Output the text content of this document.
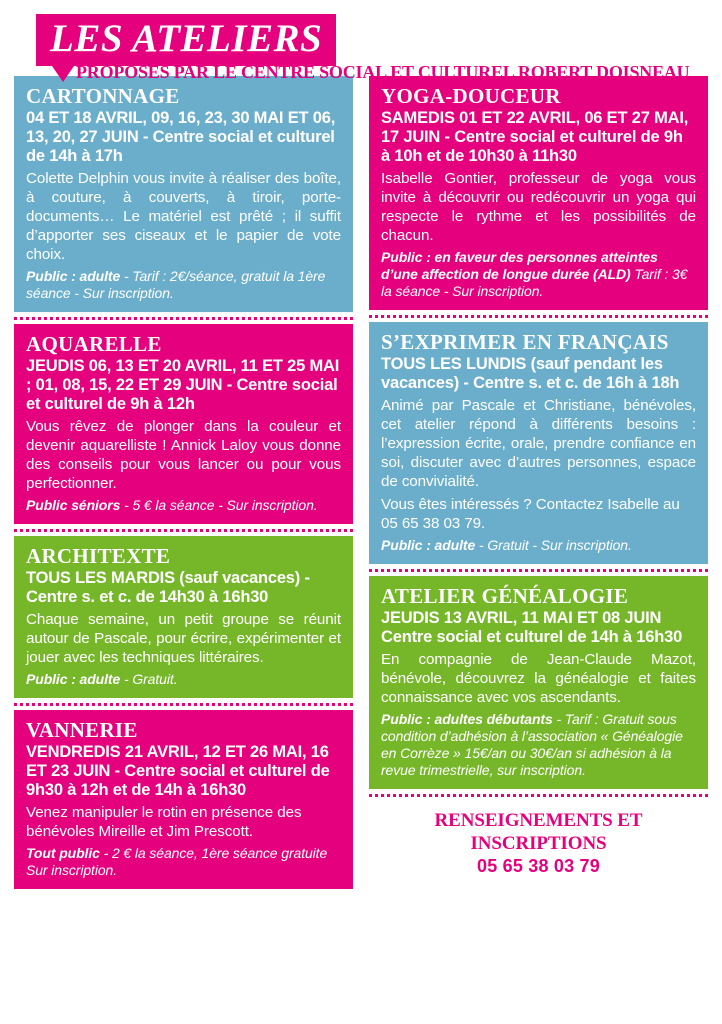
LES ATELIERS
PROPOSÉS PAR LE CENTRE SOCIAL ET CULTUREL ROBERT DOISNEAU
CARTONNAGE
04 ET 18 AVRIL, 09, 16, 23, 30 MAI ET 06, 13, 20, 27 JUIN - Centre social et culturel de 14h à 17h
Colette Delphin vous invite à réaliser des boîte, à couture, à couverts, à tiroir, porte-documents… Le matériel est prêté ; il suffit d’apporter ses ciseaux et le papier de vote choix.
Public : adulte - Tarif : 2€/séance, gratuit la 1ère séance - Sur inscription.
AQUARELLE
JEUDIS 06, 13 ET 20 AVRIL, 11 ET 25 MAI ; 01, 08, 15, 22 ET 29 JUIN - Centre social et culturel de 9h à 12h
Vous rêvez de plonger dans la couleur et devenir aquarelliste ! Annick Laloy vous donne des conseils pour vous lancer ou pour vous perfectionner.
Public séniors - 5 € la séance - Sur inscription.
ARCHITEXTE
TOUS LES MARDIS (sauf vacances) - Centre s. et c. de 14h30 à 16h30
Chaque semaine, un petit groupe se réunit autour de Pascale, pour écrire, expérimenter et jouer avec les techniques littéraires.
Public : adulte - Gratuit.
VANNERIE
VENDREDIS 21 AVRIL, 12 ET 26 MAI, 16 ET 23 JUIN - Centre social et culturel de 9h30 à 12h et de 14h à 16h30
Venez manipuler le rotin en présence des bénévoles Mireille et Jim Prescott.
Tout public - 2 € la séance, 1ère séance gratuite Sur inscription.
YOGA-DOUCEUR
SAMEDIS 01 ET 22 AVRIL, 06 ET 27 MAI, 17 JUIN - Centre social et culturel de 9h à 10h et de 10h30 à 11h30
Isabelle Gontier, professeur de yoga vous invite à découvrir ou redécouvrir un yoga qui respecte le rythme et les possibilités de chacun.
Public : en faveur des personnes atteintes d’une affection de longue durée (ALD) Tarif : 3€ la séance - Sur inscription.
S’EXPRIMER EN FRANÇAIS
TOUS LES LUNDIS (sauf pendant les vacances) - Centre s. et c. de 16h à 18h
Animé par Pascale et Christiane, bénévoles, cet atelier répond à différents besoins : l’expression écrite, orale, prendre confiance en soi, discuter avec d’autres personnes, espace de convivialité.
Vous êtes intéressés ? Contactez Isabelle au 05 65 38 03 79.
Public : adulte - Gratuit - Sur inscription.
ATELIER GÉNÉALOGIE
JEUDIS 13 AVRIL, 11 MAI ET 08 JUIN Centre social et culturel de 14h à 16h30
En compagnie de Jean-Claude Mazot, bénévole, découvrez la généalogie et faites connaissance avec vos ascendants.
Public : adultes débutants - Tarif : Gratuit sous condition d’adhésion à l’association « Généalogie en Corrèze » 15€/an ou 30€/an si adhésion à la revue trimestrielle, sur inscription.
RENSEIGNEMENTS ET INSCRIPTIONS
05 65 38 03 79
